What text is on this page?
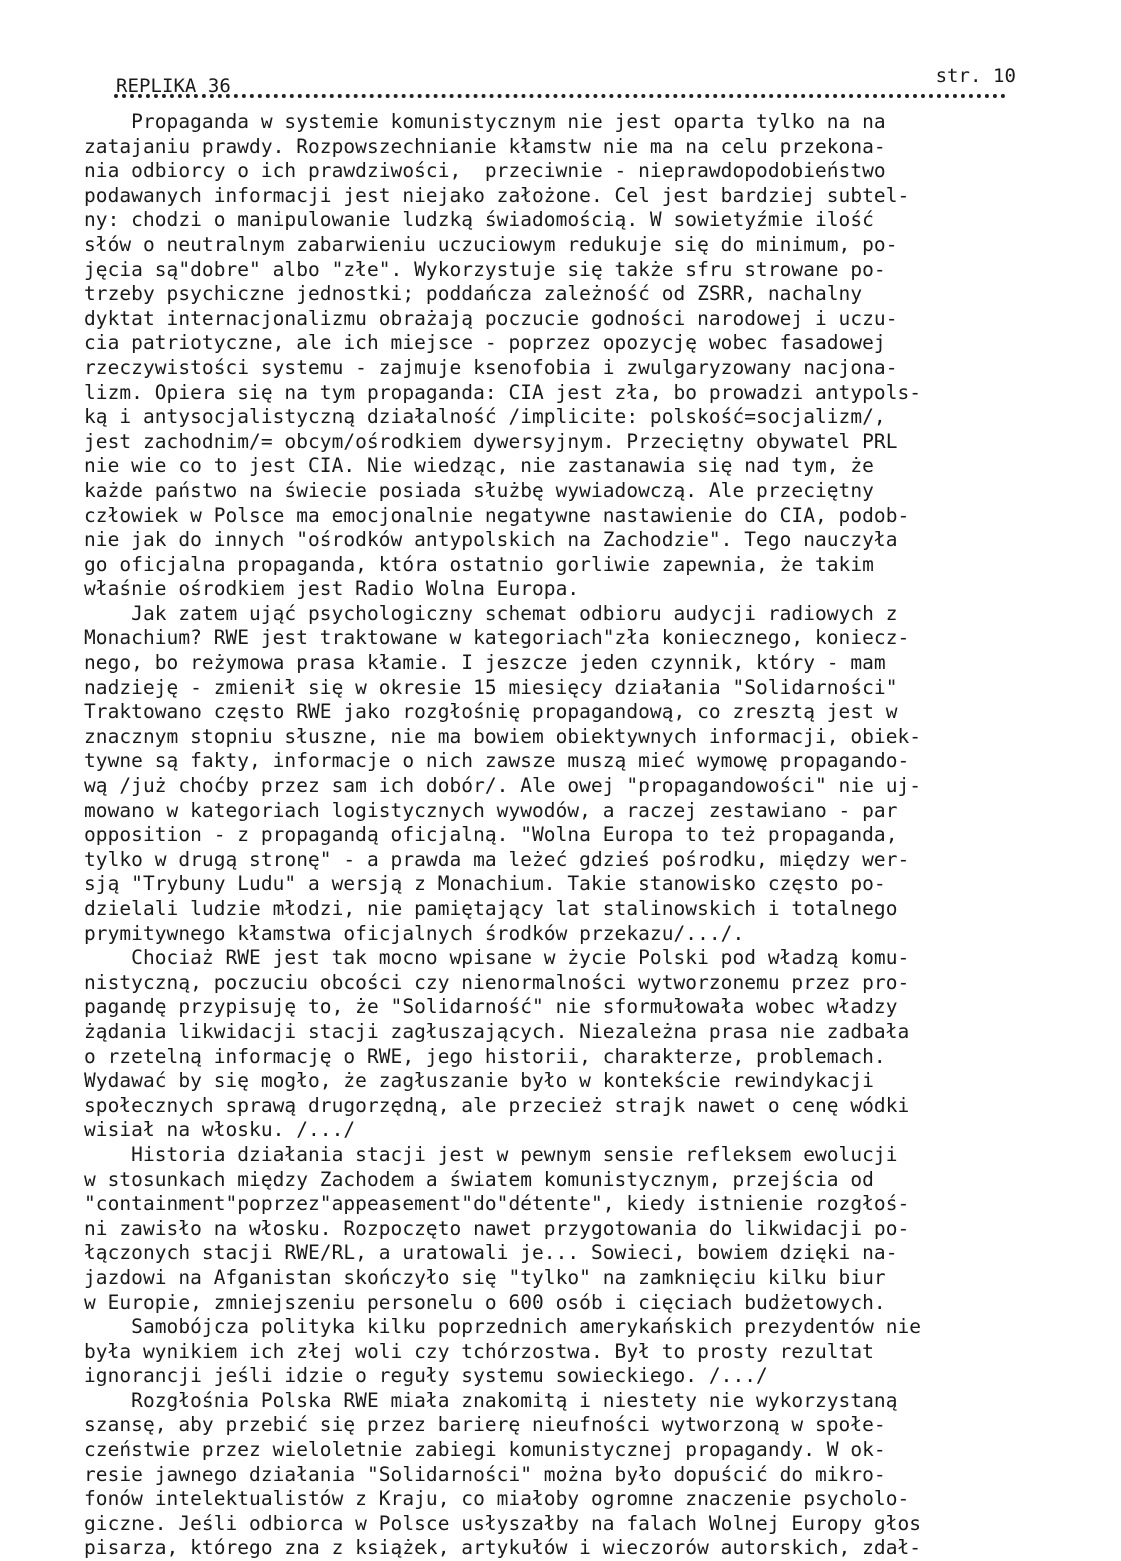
REPLIKA 36	str. 10
Propaganda w systemie komunistycznym nie jest oparta tylko na na
zatajaniu prawdy. Rozpowszechnianie kłamstw nie ma na celu przekona-
nia odbiorcy o ich prawdziwości,  przeciwnie - nieprawdopodobieństwo
podawanych informacji jest niejako założone. Cel jest bardziej subtel-
ny: chodzi o manipulowanie ludzką świadomością. W sowietyźmie ilość
słów o neutralnym zabarwieniu uczuciowym redukuje się do minimum, po-
jęcia są"dobre" albo "złe". Wykorzystuje się także sfru strowane po-
trzeby psychiczne jednostki; poddańcza zależność od ZSRR, nachalny
dyktat internacjonalizmu obrażają poczucie godności narodowej i uczu-
cia patriotyczne, ale ich miejsce - poprzez opozycję wobec fasadowej
rzeczywistości systemu - zajmuje ksenofobia i zwulgaryzowany nacjona-
lizm. Opiera się na tym propaganda: CIA jest zła, bo prowadzi antypols-
ką i antysocjalistyczną działalność /implicite: polskość=socjalizm/,
jest zachodnim/= obcym/ośrodkiem dywersyjnym. Przeciętny obywatel PRL
nie wie co to jest CIA. Nie wiedząc, nie zastanawia się nad tym, że
każde państwo na świecie posiada służbę wywiadowczą. Ale przeciętny
człowiek w Polsce ma emocjonalnie negatywne nastawienie do CIA, podob-
nie jak do innych "ośrodków antypolskich na Zachodzie". Tego nauczyła
go oficjalna propaganda, która ostatnio gorliwie zapewnia, że takim
właśnie ośrodkiem jest Radio Wolna Europa.
Jak zatem ująć psychologiczny schemat odbioru audycji radiowych z
Monachium? RWE jest traktowane w kategoriach"zła koniecznego, koniecz-
nego, bo reżymowa prasa kłamie. I jeszcze jeden czynnik, który - mam
nadzieję - zmienił się w okresie 15 miesięcy działania "Solidarności"
Traktowano często RWE jako rozgłośnię propagandową, co zresztą jest w
znacznym stopniu słuszne, nie ma bowiem obiektywnych informacji, obiek-
tywne są fakty, informacje o nich zawsze muszą mieć wymowę propagando-
wą /już choćby przez sam ich dobór/. Ale owej "propagandowości" nie uj-
mowano w kategoriach logistycznych wywodów, a raczej zestawiano - par
opposition - z propagandą oficjalną. "Wolna Europa to też propaganda,
tylko w drugą stronę" - a prawda ma leżeć gdzieś pośrodku, między wer-
sją "Trybuny Ludu" a wersją z Monachium. Takie stanowisko często po-
dzielali ludzie młodzi, nie pamiętający lat stalinowskich i totalnego
prymitywnego kłamstwa oficjalnych środków przekazu/.../.
Chociaż RWE jest tak mocno wpisane w życie Polski pod władzą komu-
nistyczną, poczuciu obcości czy nienormalności wytworzonemu przez pro-
pagandę przypisuję to, że "Solidarność" nie sformułowała wobec władzy
żądania likwidacji stacji zagłuszających. Niezależna prasa nie zadbała
o rzetelną informację o RWE, jego historii, charakterze, problemach.
Wydawać by się mogło, że zagłuszanie było w kontekście rewindykacji
społecznych sprawą drugorzędną, ale przecież strajk nawet o cenę wódki
wisiał na włosku. /.../
Historia działania stacji jest w pewnym sensie refleksem ewolucji
w stosunkach między Zachodem a światem komunistycznym, przejścia od
"containment"poprzez"appeasement"do"détente", kiedy istnienie rozgłoś-
ni zawisło na włosku. Rozpoczęto nawet przygotowania do likwidacji po-
łączonych stacji RWE/RL, a uratowali je... Sowieci, bowiem dzięki na-
jazdowi na Afganistan skończyło się "tylko" na zamknięciu kilku biur
w Europie, zmniejszeniu personelu o 600 osób i cięciach budżetowych.
Samobójcza polityka kilku poprzednich amerykańskich prezydentów nie
była wynikiem ich złej woli czy tchórzostwa. Był to prosty rezultat
ignorancji jeśli idzie o reguły systemu sowieckiego. /.../
Rozgłośnia Polska RWE miała znakomitą i niestety nie wykorzystaną
szansę, aby przebić się przez barierę nieufności wytworzoną w społe-
czeństwie przez wieloletnie zabiegi komunistycznej propagandy. W ok-
resie jawnego działania "Solidarności" można było dopuścić do mikro-
fonów intelektualistów z Kraju, co miałoby ogromne znaczenie psycholo-
giczne. Jeśli odbiorca w Polsce usłyszałby na falach Wolnej Europy głos
pisarza, którego zna z książek, artykułów i wieczorów autorskich, zdał-
